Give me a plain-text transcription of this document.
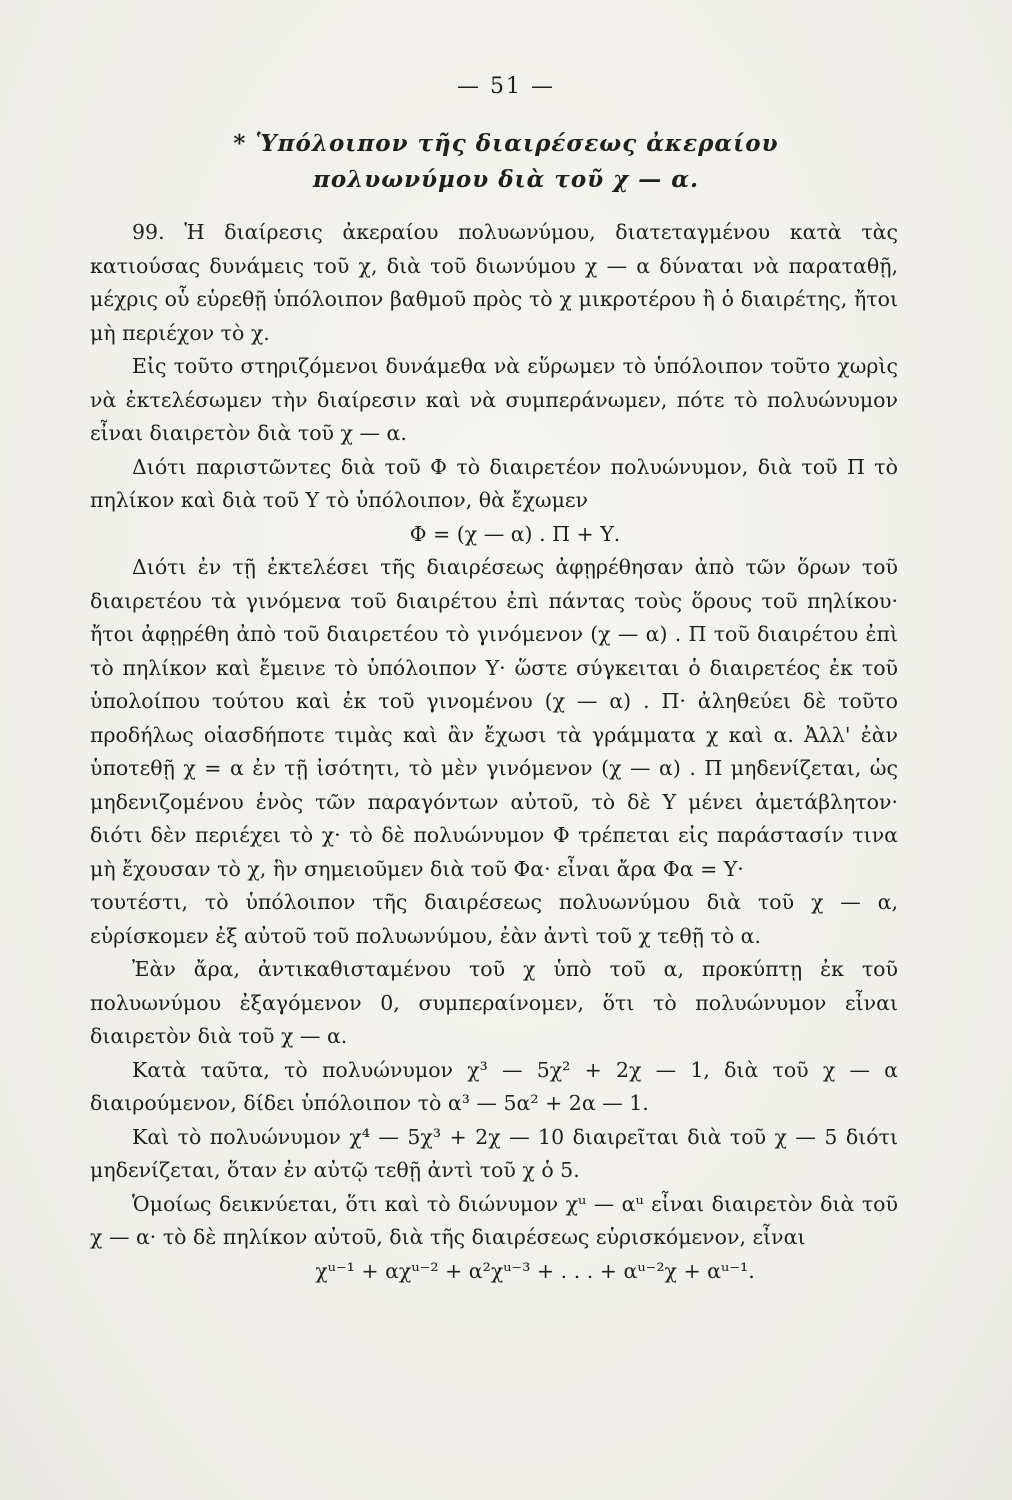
— 51 —
* Ὑπόλοιπον τῆς διαιρέσεως ἀκεραίου
πολυωνύμου διὰ τοῦ χ — α.

99. Ἡ διαίρεσις ἀκεραίου πολυωνύμου, διατεταγμένου κατὰ τὰς κατιούσας δυνάμεις τοῦ χ, διὰ τοῦ διωνύμου χ — α δύναται νὰ παραταθῇ, μέχρις οὗ εὑρεθῇ ὑπόλοιπον βαθμοῦ πρὸς τὸ χ μικροτέρου ἢ ὁ διαιρέτης, ἤτοι μὴ περιέχον τὸ χ.

Εἰς τοῦτο στηριζόμενοι δυνάμεθα νὰ εὕρωμεν τὸ ὑπόλοιπον τοῦτο χωρὶς νὰ ἐκτελέσωμεν τὴν διαίρεσιν καὶ νὰ συμπεράνωμεν, πότε τὸ πολυώνυμον εἶναι διαιρετὸν διὰ τοῦ χ — α.

Διότι παριστῶντες διὰ τοῦ Φ τὸ διαιρετέον πολυώνυμον, διὰ τοῦ Π τὸ πηλίκον καὶ διὰ τοῦ Υ τὸ ὑπόλοιπον, θὰ ἔχωμεν

Φ = (χ — α) . Π + Υ.

Διότι ἐν τῇ ἐκτελέσει τῆς διαιρέσεως ἀφῃρέθησαν ἀπὸ τῶν ὅρων τοῦ διαιρετέου τὰ γινόμενα τοῦ διαιρέτου ἐπὶ πάντας τοὺς ὅρους τοῦ πηλίκου· ἤτοι ἀφῃρέθη ἀπὸ τοῦ διαιρετέου τὸ γινόμενον (χ — α) . Π τοῦ διαιρέτου ἐπὶ τὸ πηλίκον καὶ ἔμεινε τὸ ὑπόλοιπον Υ· ὥστε σύγκειται ὁ διαιρετέος ἐκ τοῦ ὑπολοίπου τούτου καὶ ἐκ τοῦ γινομένου (χ — α) . Π· ἀληθεύει δὲ τοῦτο προδήλως οἱασδήποτε τιμὰς καὶ ἂν ἔχωσι τὰ γράμματα χ καὶ α. Ἀλλ' ἐὰν ὑποτεθῇ χ = α ἐν τῇ ἰσότητι, τὸ μὲν γινόμενον (χ — α) . Π μηδενίζεται, ὡς μηδενιζομένου ἑνὸς τῶν παραγόντων αὐτοῦ, τὸ δὲ Υ μένει ἀμετάβλητον· διότι δὲν περιέχει τὸ χ· τὸ δὲ πολυώνυμον Φ τρέπεται εἰς παράστασίν τινα μὴ ἔχουσαν τὸ χ, ἣν σημειοῦμεν διὰ τοῦ Φα· εἶναι ἄρα Φα = Υ·

τουτέστι, τὸ ὑπόλοιπον τῆς διαιρέσεως πολυωνύμου διὰ τοῦ χ — α, εὑρίσκομεν ἐξ αὐτοῦ τοῦ πολυωνύμου, ἐὰν ἀντὶ τοῦ χ τεθῇ τὸ α.

Ἐὰν ἄρα, ἀντικαθισταμένου τοῦ χ ὑπὸ τοῦ α, προκύπτῃ ἐκ τοῦ πολυωνύμου ἐξαγόμενον 0, συμπεραίνομεν, ὅτι τὸ πολυώνυμον εἶναι διαιρετὸν διὰ τοῦ χ — α.

Κατὰ ταῦτα, τὸ πολυώνυμον χ³ — 5χ² + 2χ — 1, διὰ τοῦ χ — α διαιρούμενον, δίδει ὑπόλοιπον τὸ α³ — 5α² + 2α — 1.

Καὶ τὸ πολυώνυμον χ⁴ — 5χ³ + 2χ — 10 διαιρεῖται διὰ τοῦ χ — 5 διότι μηδενίζεται, ὅταν ἐν αὐτῷ τεθῇ ἀντὶ τοῦ χ ὁ 5.

Ὁμοίως δεικνύεται, ὅτι καὶ τὸ διώνυμον χᵘ — αᵘ εἶναι διαιρετὸν διὰ τοῦ χ — α· τὸ δὲ πηλίκον αὐτοῦ, διὰ τῆς διαιρέσεως εὑρισκόμενον, εἶναι

χᵘ⁻¹ + αχᵘ⁻² + α²χᵘ⁻³ + . . . + αᵘ⁻²χ + αᵘ⁻¹.
